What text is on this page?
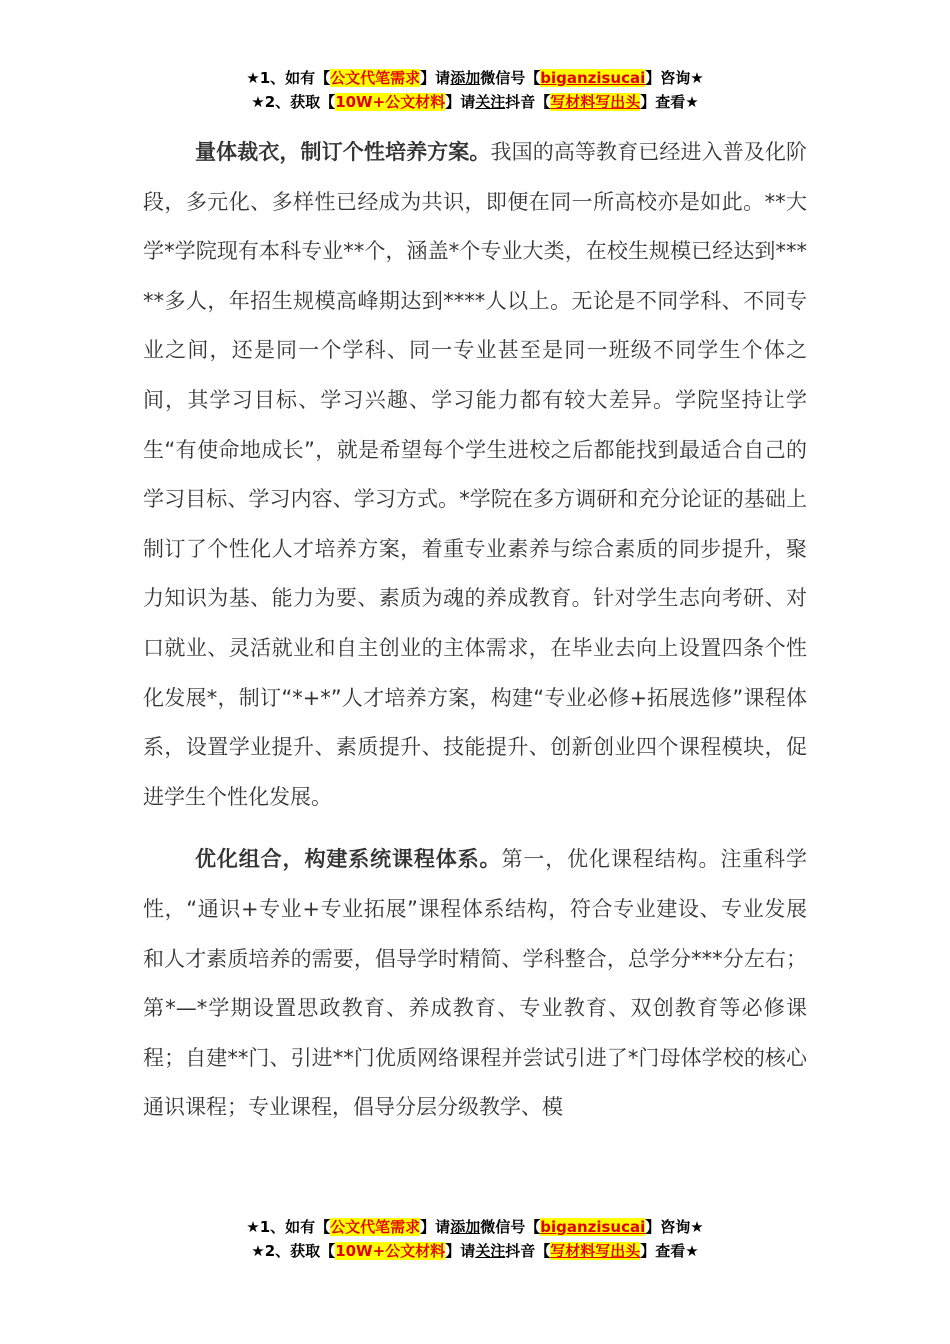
★1、如有【公文代笔需求】请添加微信号【biganzisucai】咨询★
★2、获取【10W+公文材料】请关注抖音【写材料写出头】查看★

量体裁衣，制订个性培养方案。我国的高等教育已经进入普及化阶段，多元化、多样性已经成为共识，即便在同一所高校亦是如此。**大学*学院现有本科专业**个，涵盖*个专业大类，在校生规模已经达到*****多人，年招生规模高峰期达到****人以上。无论是不同学科、不同专业之间，还是同一个学科、同一专业甚至是同一班级不同学生个体之间，其学习目标、学习兴趣、学习能力都有较大差异。学院坚持让学生“有使命地成长”，就是希望每个学生进校之后都能找到最适合自己的学习目标、学习内容、学习方式。*学院在多方调研和充分论证的基础上制订了个性化人才培养方案，着重专业素养与综合素质的同步提升，聚力知识为基、能力为要、素质为魂的养成教育。针对学生志向考研、对口就业、灵活就业和自主创业的主体需求，在毕业去向上设置四条个性化发展*，制订“*+*”人才培养方案，构建“专业必修+拓展选修”课程体系，设置学业提升、素质提升、技能提升、创新创业四个课程模块，促进学生个性化发展。

优化组合，构建系统课程体系。第一，优化课程结构。注重科学性，“通识+专业+专业拓展”课程体系结构，符合专业建设、专业发展和人才素质培养的需要，倡导学时精简、学科整合，总学分***分左右；第*—*学期设置思政教育、养成教育、专业教育、双创教育等必修课程；自建**门、引进**门优质网络课程并尝试引进了*门母体学校的核心通识课程；专业课程，倡导分层分级教学、模

★1、如有【公文代笔需求】请添加微信号【biganzisucai】咨询★
★2、获取【10W+公文材料】请关注抖音【写材料写出头】查看★
